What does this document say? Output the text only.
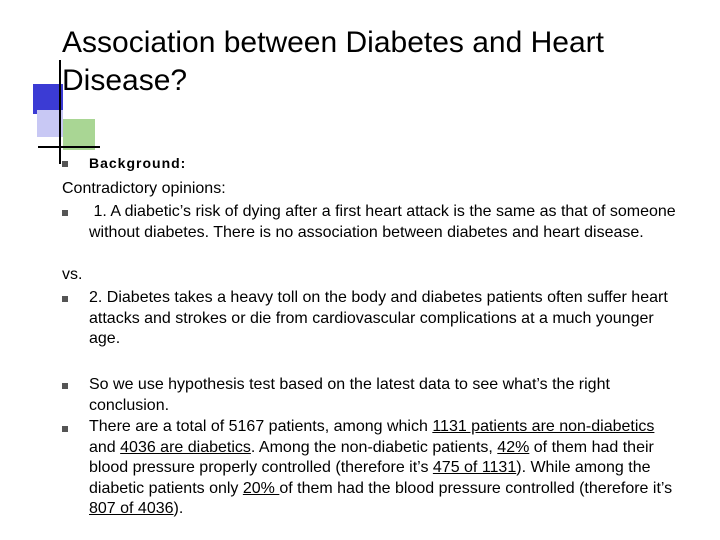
Association between Diabetes and Heart Disease?
Background:
Contradictory opinions:
1. A diabetic’s risk of dying after a first heart attack is the same as that of someone without diabetes. There is no association between diabetes and heart disease.
vs.
2. Diabetes takes a heavy toll on the body and diabetes patients often suffer heart attacks and strokes or die from cardiovascular complications at a much younger age.
So we use hypothesis test based on the latest data to see what’s the right conclusion.
There are a total of 5167 patients, among which 1131 patients are non-diabetics and 4036 are diabetics. Among the non-diabetic patients, 42% of them had their blood pressure properly controlled (therefore it’s 475 of 1131). While among the diabetic patients only 20% of them had the blood pressure controlled (therefore it’s 807 of 4036).
